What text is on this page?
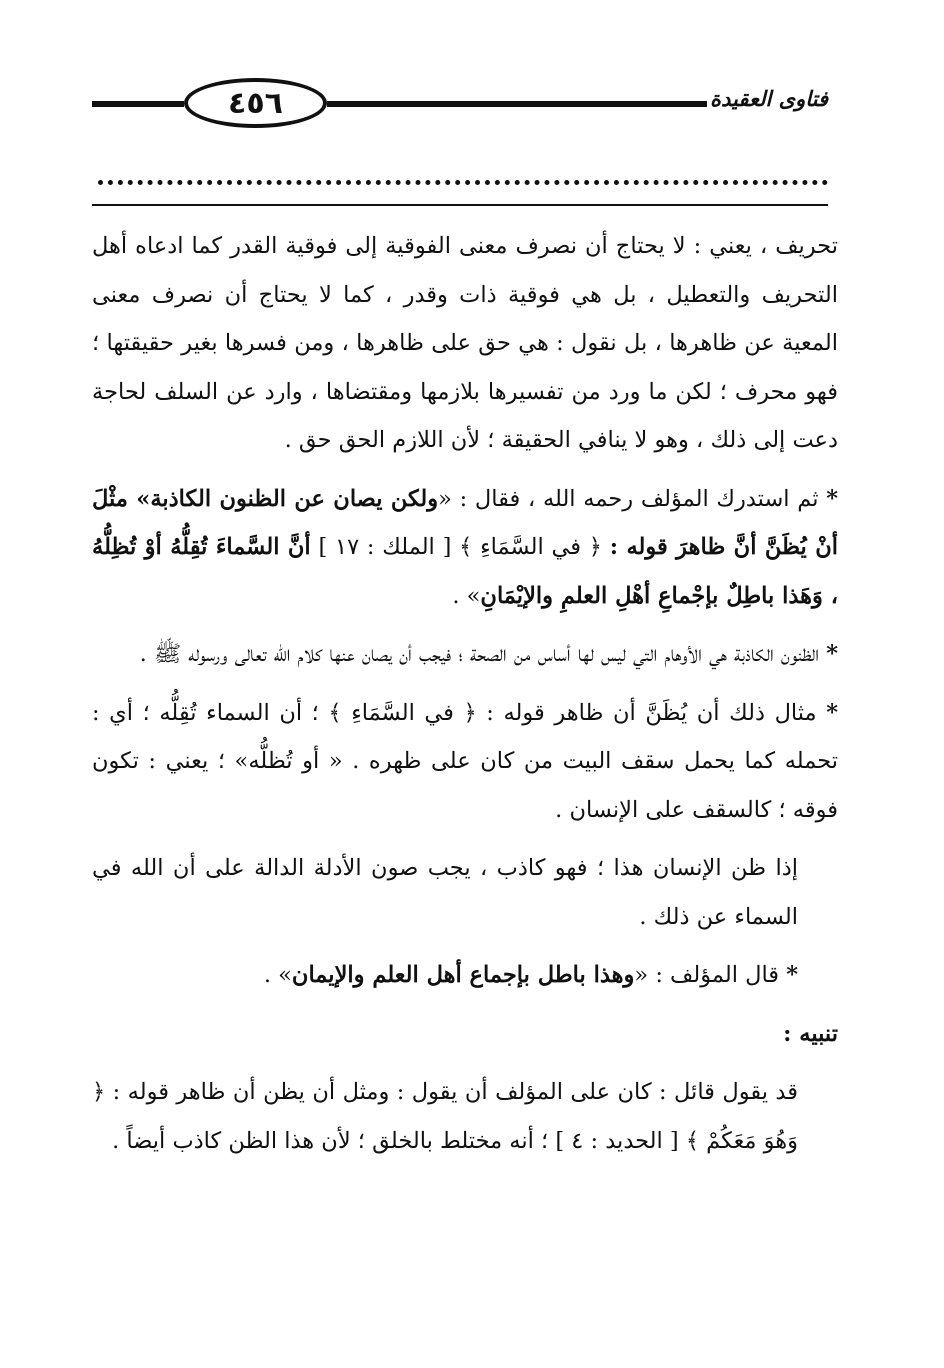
٤٥٦	فتاوى العقيدة

تحريف ، يعني : لا يحتاج أن نصرف معنى الفوقية إلى فوقية القدر كما ادعاه أهل التحريف والتعطيل ، بل هي فوقية ذات وقدر ، كما لا يحتاج أن نصرف معنى المعية عن ظاهرها ، بل نقول : هي حق على ظاهرها ، ومن فسرها بغير حقيقتها ؛ فهو محرف ؛ لكن ما ورد من تفسيرها بلازمها ومقتضاها ، وارد عن السلف لحاجة دعت إلى ذلك ، وهو لا ينافي الحقيقة ؛ لأن اللازم الحق حق .

* ثم استدرك المؤلف رحمه الله ، فقال : «ولكن يصان عن الظنون الكاذبة» مثْلَ أنْ يُظَنَّ أنَّ ظاهرَ قوله : ﴿ في السَّمَاءِ ﴾ [ الملك : ١٧ ] أنَّ السَّماءَ تُقِلُّهُ أوْ تُظِلُّهُ ، وَهَذا باطِلٌ بإجْماعِ أهْلِ العلمِ والإيْمَانِ» .

* الظنون الكاذبة هي الأوهام التي ليس لها أساس من الصحة ؛ فيجب أن يصان عنها كلام الله تعالى ورسوله ﷺ .

* مثال ذلك أن يُظَنَّ أن ظاهر قوله : ﴿ في السَّمَاءِ ﴾ ؛ أن السماء تُقِلُّه ؛ أي : تحمله كما يحمل سقف البيت من كان على ظهره . « أو تُظلُّه» ؛ يعني : تكون فوقه ؛ كالسقف على الإنسان .

إذا ظن الإنسان هذا ؛ فهو كاذب ، يجب صون الأدلة الدالة على أن الله في السماء عن ذلك .

* قال المؤلف : «وهذا باطل بإجماع أهل العلم والإيمان» .

تنبيه :

قد يقول قائل : كان على المؤلف أن يقول : ومثل أن يظن أن ظاهر قوله : ﴿ وَهُوَ مَعَكُمْ ﴾ [ الحديد : ٤ ] ؛ أنه مختلط بالخلق ؛ لأن هذا الظن كاذب أيضاً .
